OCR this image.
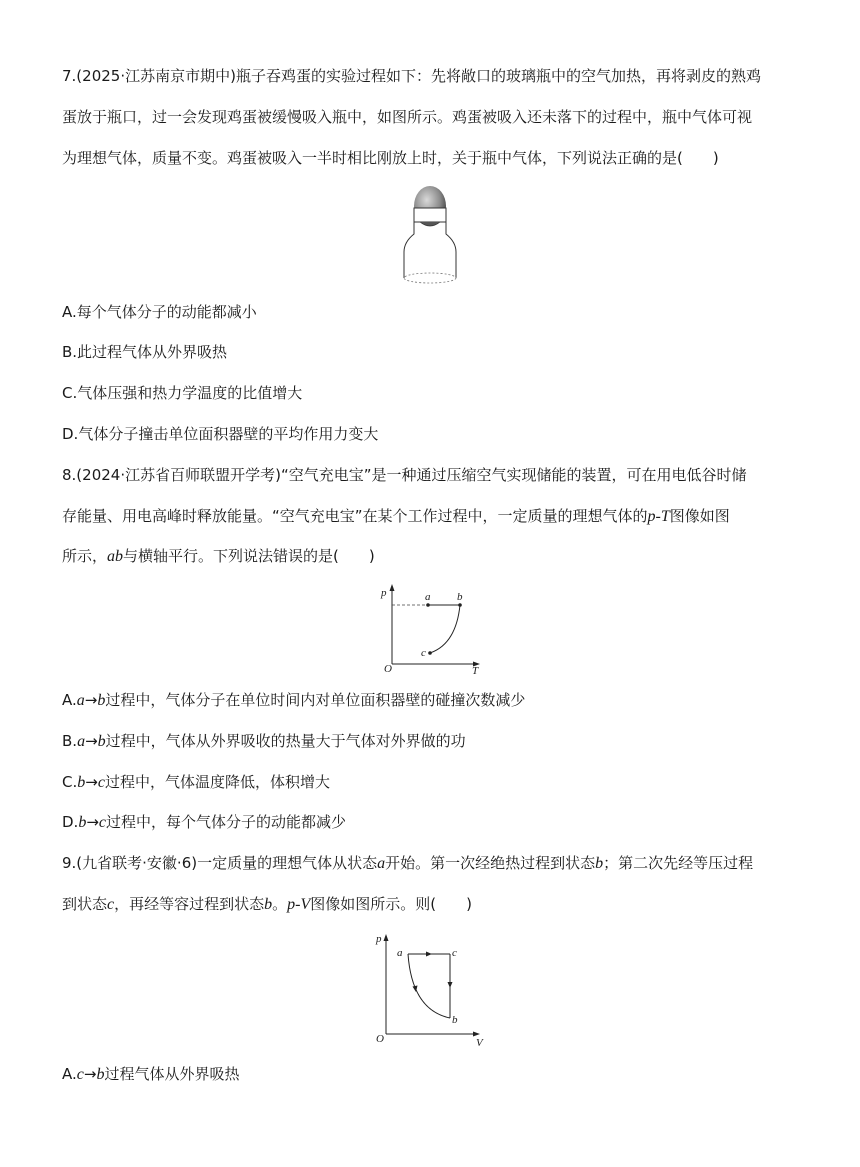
7.(2025·江苏南京市期中)瓶子吞鸡蛋的实验过程如下：先将敞口的玻璃瓶中的空气加热，再将剥皮的熟鸡
蛋放于瓶口，过一会发现鸡蛋被缓慢吸入瓶中，如图所示。鸡蛋被吸入还未落下的过程中，瓶中气体可视
为理想气体，质量不变。鸡蛋被吸入一半时相比刚放上时，关于瓶中气体，下列说法正确的是(　　)
A.每个气体分子的动能都减小
B.此过程气体从外界吸热
C.气体压强和热力学温度的比值增大
D.气体分子撞击单位面积器壁的平均作用力变大
8.(2024·江苏省百师联盟开学考)“空气充电宝”是一种通过压缩空气实现储能的装置，可在用电低谷时储
存能量、用电高峰时释放能量。“空气充电宝”在某个工作过程中，一定质量的理想气体的p-T图像如图
所示，ab与横轴平行。下列说法错误的是(　　)
p
T
O
a b
c
A.a→b过程中，气体分子在单位时间内对单位面积器壁的碰撞次数减少
B.a→b过程中，气体从外界吸收的热量大于气体对外界做的功
C.b→c过程中，气体温度降低，体积增大
D.b→c过程中，每个气体分子的动能都减少
9.(九省联考·安徽·6)一定质量的理想气体从状态a开始。第一次经绝热过程到状态b；第二次先经等压过程
到状态c，再经等容过程到状态b。p-V图像如图所示。则(　　)
p
V
O
a	c
b
A.c→b过程气体从外界吸热
